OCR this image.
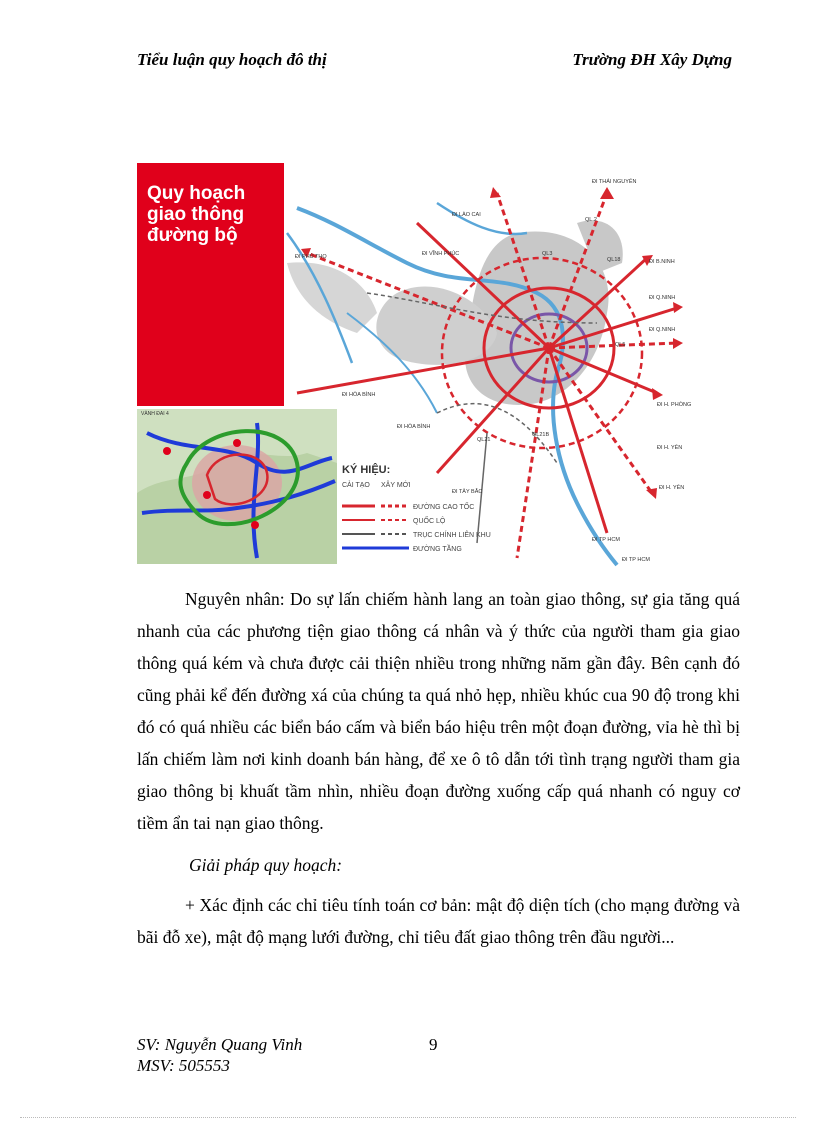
Tiểu luận quy hoạch đô thị	Trường ĐH Xây Dựng
Quy hoạch
giao thông
đường bộ
VÀNH ĐAI 4
ĐI THÁI NGUYÊN
ĐI LÀO CAI
ĐI PHÚ THỌ	ĐI VĨNH PHÚC
ĐI B.NINH
ĐI Q.NINH
ĐI Q.NINH
ĐI H. PHÒNG
ĐI H. YÊN
ĐI H. YÊN
ĐI HÒA BÌNH
ĐI HÒA BÌNH
ĐI TÂY BẮC
ĐI TP HCM
ĐI TP HCM
QL.2
QL3
QL18
QL5
QL21
QL21B
KÝ HIỆU:
CẢI TẠO XÂY MỚI
ĐƯỜNG CAO TỐC
QUỐC LỘ
TRỤC CHÍNH LIÊN KHU
ĐƯỜNG TẦNG

Nguyên nhân: Do sự lấn chiếm hành lang an toàn giao thông, sự gia tăng quá nhanh của các phương tiện giao thông cá nhân và ý thức của người tham gia giao thông quá kém và chưa được cải thiện nhiều trong những năm gần đây. Bên cạnh đó cũng phải kể đến đường xá của chúng ta quá nhỏ hẹp, nhiều khúc cua 90 độ trong khi đó có quá nhiều các biển báo cấm và biển báo hiệu trên một đoạn đường, vỉa hè thì bị lấn chiếm làm nơi kinh doanh bán hàng, để xe ô tô dẫn tới tình trạng người tham gia giao thông bị khuất tầm nhìn, nhiều đoạn đường xuống cấp quá nhanh có nguy cơ tiềm ẩn tai nạn giao thông.

Giải pháp quy hoạch:

+ Xác định các chỉ tiêu tính toán cơ bản: mật độ diện tích (cho mạng đường và bãi đỗ xe), mật độ mạng lưới đường, chỉ tiêu đất giao thông trên đầu người...

SV: Nguyễn Quang Vinh
MSV: 505553
9
